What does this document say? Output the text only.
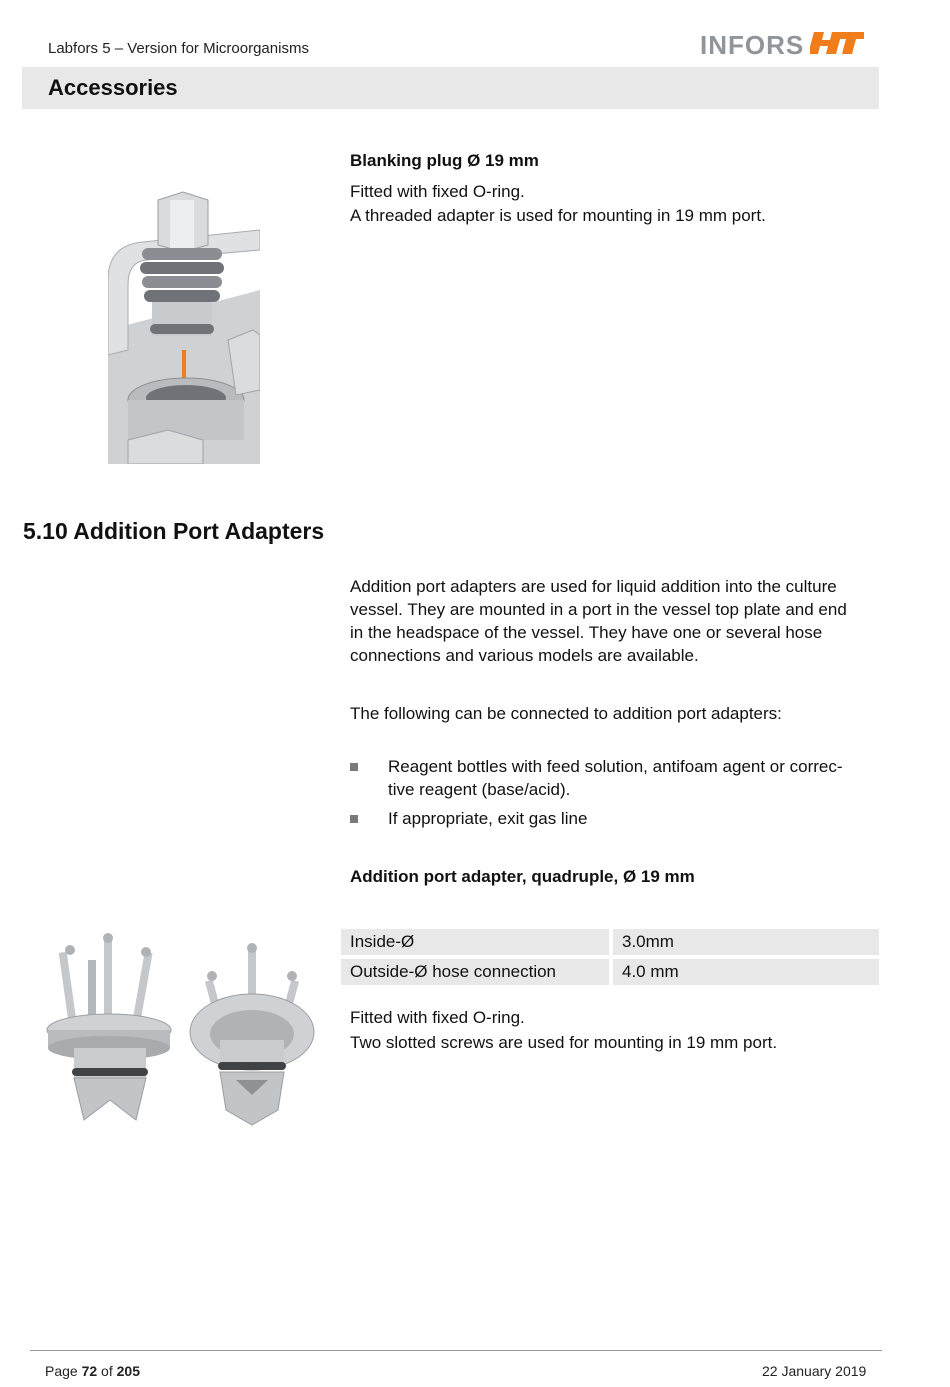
Labfors 5 – Version for Microorganisms	INFORS
Accessories
Blanking plug Ø 19 mm

Fitted with fixed O-ring.

A threaded adapter is used for mounting in 19 mm port.

5.10 Addition Port Adapters

Addition port adapters are used for liquid addition into the culture

vessel. They are mounted in a port in the vessel top plate and end

in the headspace of the vessel. They have one or several hose

connections and various models are available.

The following can be connected to addition port adapters:

Reagent bottles with feed solution, antifoam agent or correc-
tive reagent (base/acid).
If appropriate, exit gas line
Addition port adapter, quadruple, Ø 19 mm
Inside-Ø	3.0mm
Outside-Ø hose connection	4.0 mm

Fitted with fixed O-ring.

Two slotted screws are used for mounting in 19 mm port.

Page 72 of 205	22 January 2019
